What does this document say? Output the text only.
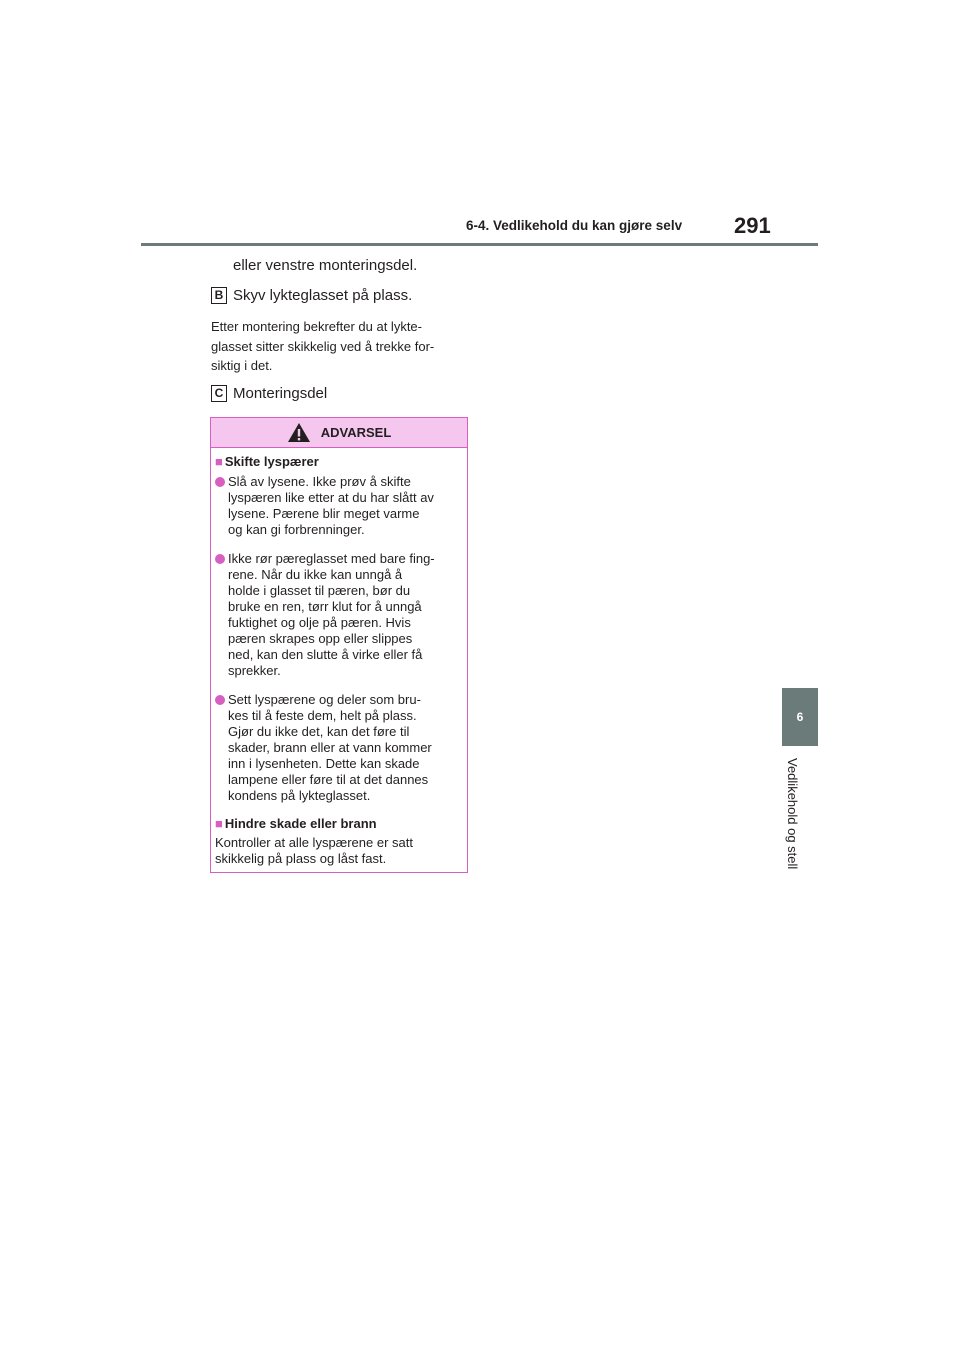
6-4. Vedlikehold du kan gjøre selv 291
6
Vedlikehold og stell
eller venstre monteringsdel.
B Skyv lykteglasset på plass.
Etter montering bekrefter du at lykte-
glasset sitter skikkelig ved å trekke for-
siktig i det.
C Monteringsdel
ADVARSEL
■ Skifte lyspærer
Slå av lysene. Ikke prøv å skifte
lyspæren like etter at du har slått av
lysene. Pærene blir meget varme
og kan gi forbrenninger.
Ikke rør pæreglasset med bare fing-
rene. Når du ikke kan unngå å
holde i glasset til pæren, bør du
bruke en ren, tørr klut for å unngå
fuktighet og olje på pæren. Hvis
pæren skrapes opp eller slippes
ned, kan den slutte å virke eller få
sprekker.
Sett lyspærene og deler som bru-
kes til å feste dem, helt på plass.
Gjør du ikke det, kan det føre til
skader, brann eller at vann kommer
inn i lysenheten. Dette kan skade
lampene eller føre til at det dannes
kondens på lykteglasset.
■ Hindre skade eller brann
Kontroller at alle lyspærene er satt
skikkelig på plass og låst fast.
